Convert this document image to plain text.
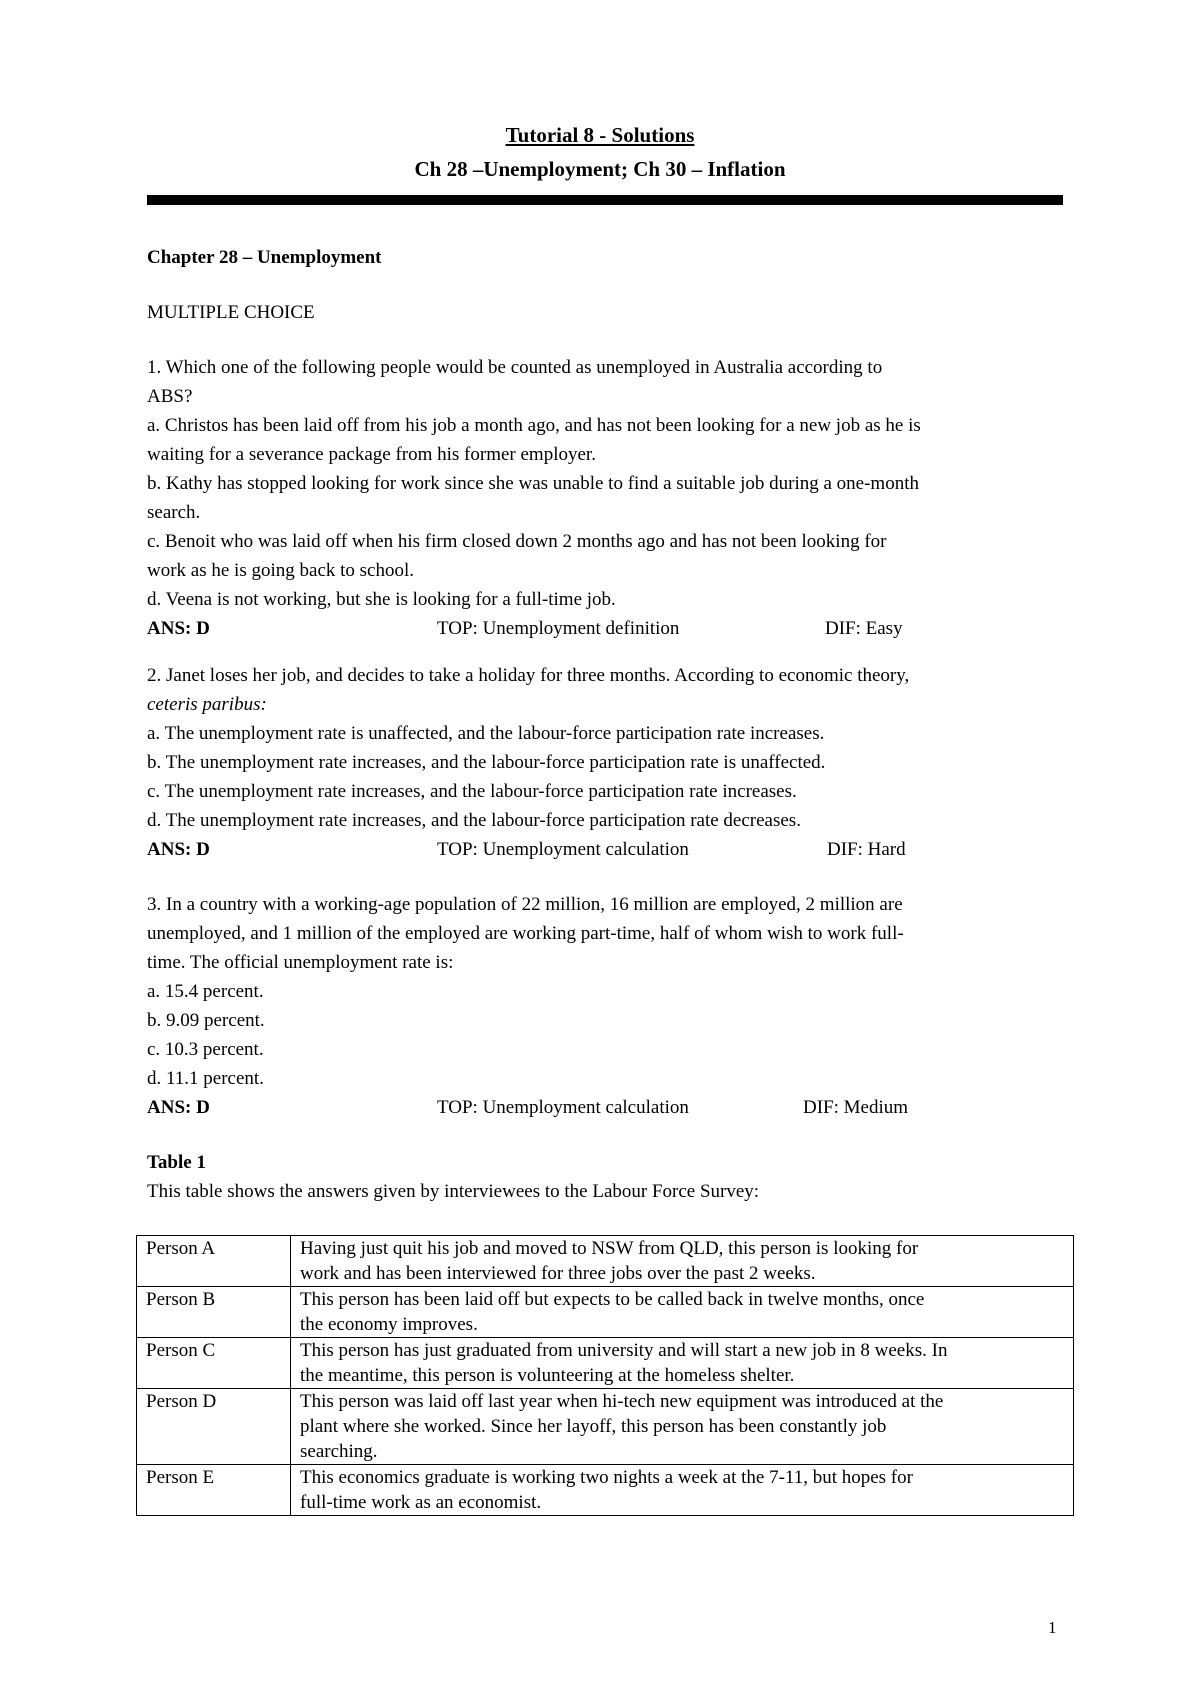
Tutorial 8 - Solutions
Ch 28 –Unemployment; Ch 30 – Inflation
Chapter 28 – Unemployment
MULTIPLE CHOICE
1. Which one of the following people would be counted as unemployed in Australia according to
ABS?
a. Christos has been laid off from his job a month ago, and has not been looking for a new job as he is
waiting for a severance package from his former employer.
b. Kathy has stopped looking for work since she was unable to find a suitable job during a one-month
search.
c. Benoit who was laid off when his firm closed down 2 months ago and has not been looking for
work as he is going back to school.
d. Veena is not working, but she is looking for a full-time job.
ANS: D	TOP: Unemployment definition	DIF: Easy
2. Janet loses her job, and decides to take a holiday for three months. According to economic theory,
ceteris paribus:
a. The unemployment rate is unaffected, and the labour-force participation rate increases.
b. The unemployment rate increases, and the labour-force participation rate is unaffected.
c. The unemployment rate increases, and the labour-force participation rate increases.
d. The unemployment rate increases, and the labour-force participation rate decreases.
ANS: D	TOP: Unemployment calculation	DIF: Hard
3. In a country with a working-age population of 22 million, 16 million are employed, 2 million are
unemployed, and 1 million of the employed are working part-time, half of whom wish to work full-
time. The official unemployment rate is:
a. 15.4 percent.
b. 9.09 percent.
c. 10.3 percent.
d. 11.1 percent.
ANS: D	TOP: Unemployment calculation	DIF: Medium
Table 1
This table shows the answers given by interviewees to the Labour Force Survey:
Person A	Having just quit his job and moved to NSW from QLD, this person is looking for
work and has been interviewed for three jobs over the past 2 weeks.

Person B	This person has been laid off but expects to be called back in twelve months, once
the economy improves.

Person C	This person has just graduated from university and will start a new job in 8 weeks. In
the meantime, this person is volunteering at the homeless shelter.

Person D	This person was laid off last year when hi-tech new equipment was introduced at the
plant where she worked. Since her layoff, this person has been constantly job
searching.

Person E	This economics graduate is working two nights a week at the 7-11, but hopes for
full-time work as an economist.
1
